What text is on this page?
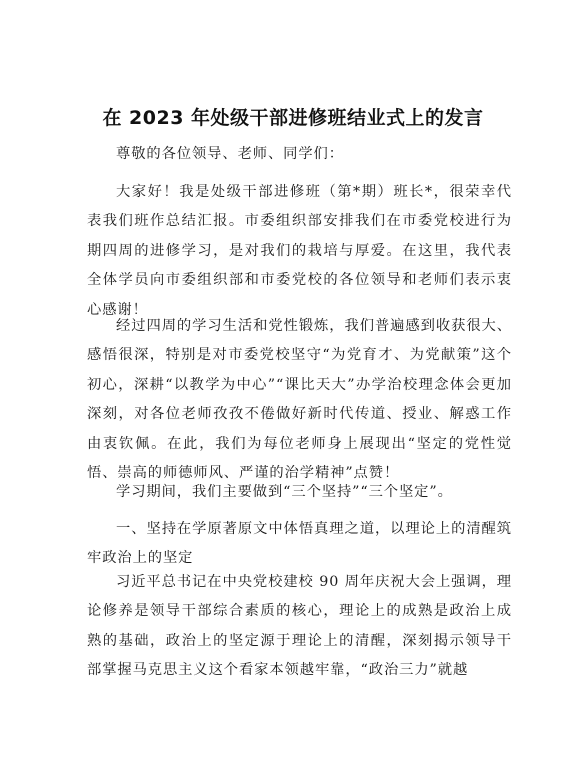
在 2023 年处级干部进修班结业式上的发言

尊敬的各位领导、老师、同学们：

大家好！我是处级干部进修班（第*期）班长*，很荣幸代表我们班作总结汇报。市委组织部安排我们在市委党校进行为期四周的进修学习，是对我们的栽培与厚爱。在这里，我代表全体学员向市委组织部和市委党校的各位领导和老师们表示衷心感谢！

经过四周的学习生活和党性锻炼，我们普遍感到收获很大、感悟很深，特别是对市委党校坚守“为党育才、为党献策”这个初心，深耕“以教学为中心”“课比天大”办学治校理念体会更加深刻，对各位老师孜孜不倦做好新时代传道、授业、解惑工作由衷钦佩。在此，我们为每位老师身上展现出“坚定的党性觉悟、崇高的师德师风、严谨的治学精神”点赞！

学习期间，我们主要做到“三个坚持”“三个坚定”。

一、坚持在学原著原文中体悟真理之道，以理论上的清醒筑牢政治上的坚定

习近平总书记在中央党校建校 90 周年庆祝大会上强调，理论修养是领导干部综合素质的核心，理论上的成熟是政治上成熟的基础，政治上的坚定源于理论上的清醒，深刻揭示领导干部掌握马克思主义这个看家本领越牢靠，“政治三力”就越
